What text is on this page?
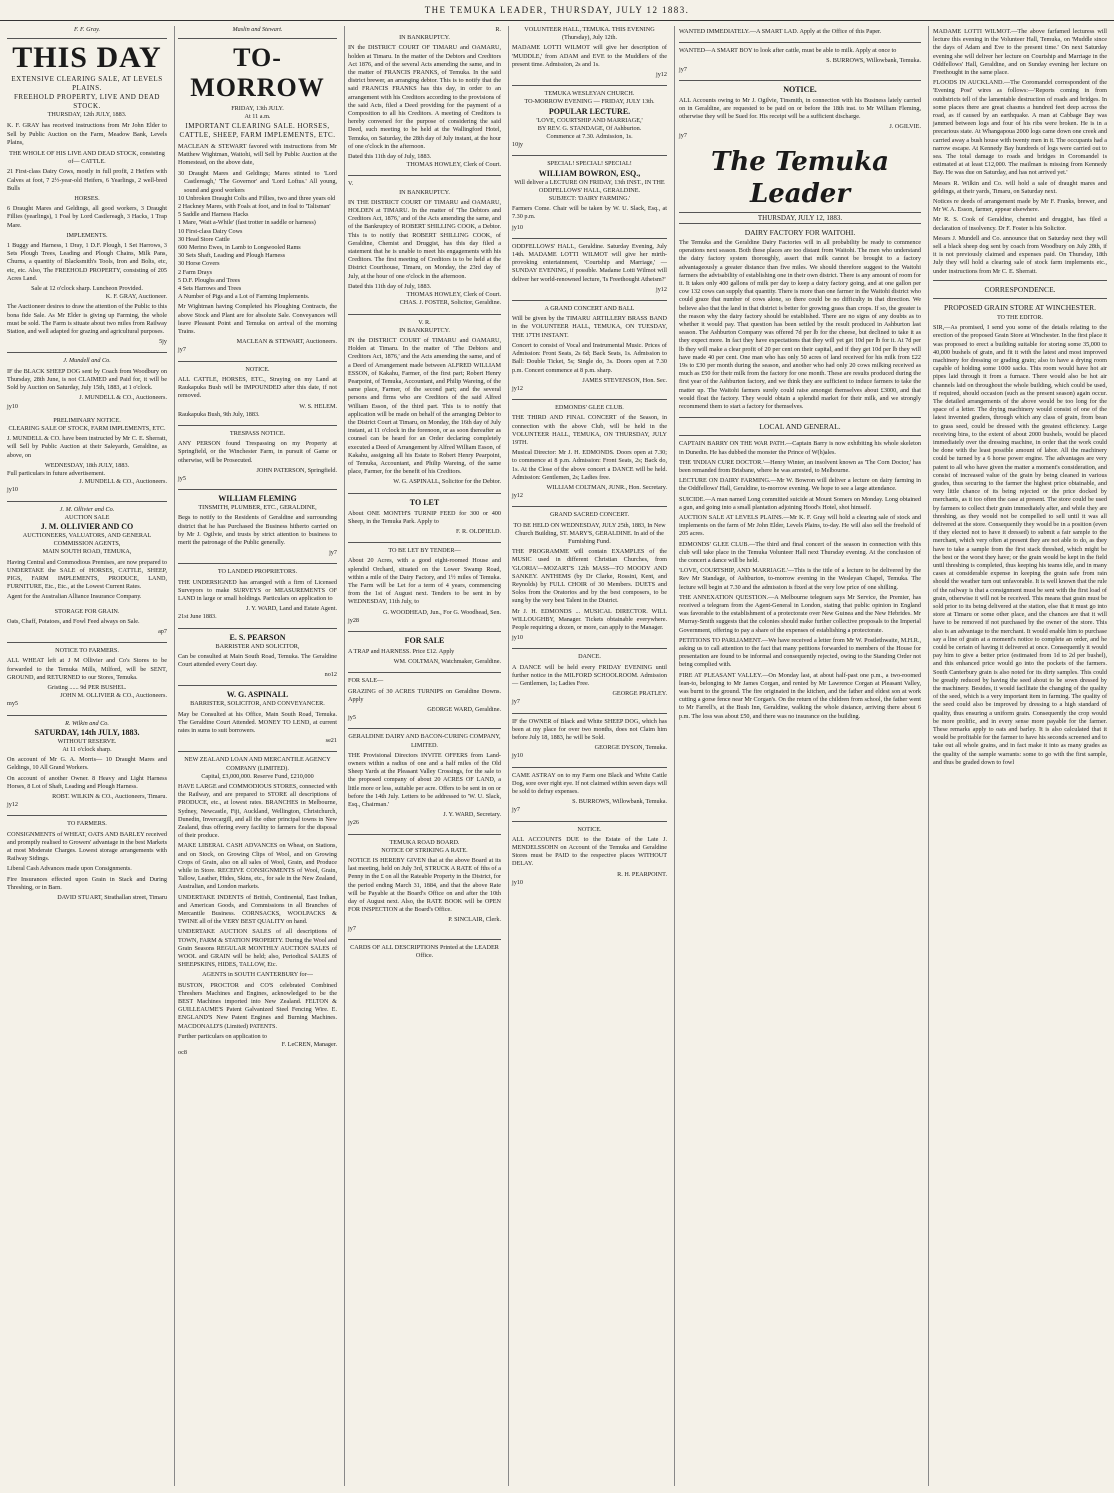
THE TEMUKA LEADER, THURSDAY, JULY 12 1883.
F. F. Gray.
THIS DAY
EXTENSIVE CLEARING SALE, AT LEVELS PLAINS.
FREEHOLD PROPERTY, LIVE AND DEAD STOCK.
THURSDAY, 12th JULY, 1883.

K. F. GRAY has received instructions from Mr John Elder to Sell by Public Auction on the Farm, Meadow Bank, Levels Plains,

THE WHOLE OF HIS LIVE AND DEAD STOCK, consisting of— CATTLE.

21 First-class Dairy Cows, mostly in full profit, 2 Heifers with Calves at foot, 7 2½-year-old Heifers, 6 Yearlings, 2 well-bred Bulls

HORSES.

6 Draught Mares and Geldings, all good workers, 3 Draught Fillies (yearlings), 1 Foal by Lord Castlereagh, 3 Hacks, 1 Trap Mare.

IMPLEMENTS.

1 Buggy and Harness, 1 Dray, 1 D.F. Plough, 1 Set Harrows, 3 Sets Plough Trees, Leading and Plough Chains, Milk Pans, Churns, a quantity of Blacksmith's Tools, Iron and Bolts, etc, etc, etc. Also, The FREEHOLD PROPERTY, consisting of 205 Acres Land.

Sale at 12 o'clock sharp. Luncheon Provided.
K. F. GRAY, Auctioneer.

The Auctioneer desires to draw the attention of the Public to this bona fide Sale. As Mr Elder is giving up Farming, the whole must be sold. The Farm is situate about two miles from Railway Station, and well adapted for grazing and agricultural purposes.

5jy
J. Mundell and Co.

IF the BLACK SHEEP DOG sent by Coach from Woodbury on Thursday, 28th June, is not CLAIMED and Paid for, it will be Sold by Auction on Saturday, July 15th, 1883, at 1 o'clock.

J. MUNDELL & CO., Auctioneers.
jy10
PRELIMINARY NOTICE.
CLEARING SALE OF STOCK, FARM IMPLEMENTS, ETC.

J. MUNDELL & CO. have been instructed by Mr C. E. Sherratt, will Sell by Public Auction at their Saleyards, Geraldine, as above, on

WEDNESDAY, 18th JULY, 1883.
Full particulars in future advertisement.
J. MUNDELL & CO., Auctioneers.
jy10
J. M. Ollivier and Co.
AUCTION SALE
J. M. OLLIVIER AND CO
AUCTIONEERS, VALUATORS, AND GENERAL COMMISSION AGENTS,
MAIN SOUTH ROAD, TEMUKA,

Having Central and Commodious Premises, are now prepared to UNDERTAKE the SALE of HORSES, CATTLE, SHEEP, PIGS, FARM IMPLEMENTS, PRODUCE, LAND, FURNITURE, Etc., Etc., at the Lowest Current Rates.

Agent for the Australian Alliance Insurance Company.

STORAGE FOR GRAIN.

Oats, Chaff, Potatoes, and Fowl Feed always on Sale.

ap7
NOTICE TO FARMERS.

ALL WHEAT left at J M Ollivier and Co's Stores to be forwarded to the Temuka Mills, Milford, will be SENT, GROUND, and RETURNED to our Stores, Temuka.

Gristing ...... 9d PER BUSHEL.
JOHN M. OLLIVIER & CO., Auctioneers.
my5
R. Wilkin and Co.
SATURDAY, 14th JULY, 1883.
WITHOUT RESERVE.
At 11 o'clock sharp.

On account of Mr G. A. Morris— 10 Draught Mares and Geldings, 10 All Grand Workers.

On account of another Owner. 8 Heavy and Light Harness Horses, 8 Lot of Shaft, Leading and Plough Harness.

ROBT. WILKIN & CO., Auctioneers, Timaru.
jy12
TO FARMERS.

CONSIGNMENTS of WHEAT, OATS AND BARLEY received and promptly realised to Growers' advantage in the best Markets at most Moderate Charges. Lowest storage arrangements with Railway Sidings.

Liberal Cash Advances made upon Consignments.

Fire Insurances effected upon Grain in Stack and During Threshing, or in Barn.

DAVID STUART, Strathallan street, Timaru
Maslin and Stewart.
TO-MORROW
FRIDAY, 13th JULY.
At 11 a.m.
IMPORTANT CLEARING SALE. HORSES, CATTLE, SHEEP, FARM IMPLEMENTS, ETC.

MACLEAN & STEWART favored with instructions from Mr Matthew Wightman, Waitohi, will Sell by Public Auction at the Homestead, on the above date,

30 Draught Mares and Geldings; Mares stinted to 'Lord Castlereagh,' 'The Governor' and 'Lord Loftus.' All young, sound and good workers
10 Unbroken Draught Colts and Fillies, two and three years old
2 Hackney Mares, with Foals at foot, and in foal to 'Talisman'
5 Saddle and Harness Hacks
1 Mare, 'Wait a-While' (fast trotter in saddle or harness)
10 First-class Dairy Cows
30 Head Store Cattle
600 Merino Ewes, in Lamb to Longwooled Rams
30 Sets Shaft, Leading and Plough Harness
30 Horse Covers
2 Farm Drays
5 D.F. Ploughs and Trees
4 Sets Harrows and Trees
A Number of Pigs and a Lot of Farming Implements.

Mr Wightman having Completed his Ploughing Contracts, the above Stock and Plant are for absolute Sale. Conveyances will leave Pleasant Point and Temuka on arrival of the morning Trains.

MACLEAN & STEWART, Auctioneers.
jy7
NOTICE.

ALL CATTLE, HORSES, ETC., Straying on my Land at Raukapuka Bush will be IMPOUNDED after this date, if not removed.

W. S. HELEM.
Raukapuka Bush, 9th July, 1883.
TRESPASS NOTICE.

ANY PERSON found Trespassing on my Property at Springfield, or the Winchester Farm, in pursuit of Game or otherwise, will be Prosecuted.

JOHN PATERSON, Springfield.
jy5
WILLIAM FLEMING
TINSMITH, PLUMBER, ETC., GERALDINE,

Begs to notify to the Residents of Geraldine and surrounding district that he has Purchased the Business hitherto carried on by Mr J. Ogilvie, and trusts by strict attention to business to merit the patronage of the Public generally.

jy7
TO LANDED PROPRIETORS.

THE UNDERSIGNED has arranged with a firm of Licensed Surveyors to make SURVEYS or MEASUREMENTS OF LAND in large or small holdings. Particulars on application to

J. Y. WARD, Land and Estate Agent.
21st June 1883.
E. S. PEARSON
BARRISTER AND SOLICITOR,

Can be consulted at Main South Road, Temuka. The Geraldine Court attended every Court day.

no12
W. G. ASPINALL
BARRISTER, SOLICITOR, AND CONVEYANCER.

May be Consulted at his Office, Main South Road, Temuka. The Geraldine Court Attended. MONEY TO LEND, at current rates in sums to suit borrowers.

se21
NEW ZEALAND LOAN AND MERCANTILE AGENCY COMPANY (LIMITED).
Capital, £3,000,000. Reserve Fund, £210,000

HAVE LARGE and COMMODIOUS STORES, connected with the Railway, and are prepared to STORE all descriptions of PRODUCE, etc., at lowest rates. BRANCHES in Melbourne, Sydney, Newcastle, Fiji, Auckland, Wellington, Christchurch, Dunedin, Invercargill, and all the other principal towns in New Zealand, thus offering every facility to farmers for the disposal of their produce.

MAKE LIBERAL CASH ADVANCES on Wheat, on Stations, and on Stock, on Growing Clips of Wool, and on Growing Crops of Grain, also on all sales of Wool, Grain, and Produce while in Store. RECEIVE CONSIGNMENTS of Wool, Grain, Tallow, Leather, Hides, Skins, etc., for sale in the New Zealand, Australian, and London markets.

UNDERTAKE INDENTS of British, Continental, East Indian, and American Goods, and Commissions in all Branches of Mercantile Business. CORNSACKS, WOOLPACKS & TWINE all of the VERY BEST QUALITY on hand.

UNDERTAKE AUCTION SALES of all descriptions of TOWN, FARM & STATION PROPERTY. During the Wool and Grain Seasons REGULAR MONTHLY AUCTION SALES of WOOL and GRAIN will be held; also, Periodical SALES of SHEEPSKINS, HIDES, TALLOW, Etc.

AGENTS in SOUTH CANTERBURY for—

BUSTON, PROCTOR and CO'S celebrated Combined Threshers Machines and Engines, acknowledged to be the BEST Machines imported into New Zealand. FELTON & GUILLEAUME'S Patent Galvanized Steel Fencing Wire. E. ENGLAND'S New Patent Engines and Burning Machines. MACDONALD'S (Limited) PATENTS.

Further particulars on application to
F. LeCREN, Manager.
oc8
R.
IN BANKRUPTCY.

IN the DISTRICT COURT OF TIMARU and OAMARU, holden at Timaru. In the matter of the Debtors and Creditors Act 1876, and of the several Acts amending the same, and in the matter of FRANCIS FRANKS, of Temuka. In the said district brewer, an arranging debtor. This is to notify that the said FRANCIS FRANKS has this day, in order to an arrangement with his Creditors according to the provisions of the said Acts, filed a Deed providing for the payment of a Composition to all his Creditors. A meeting of Creditors is hereby convened for the purpose of considering the said Deed, such meeting to be held at the Wallingford Hotel, Temuka, on Saturday, the 28th day of July instant, at the hour of one o'clock in the afternoon.

Dated this 11th day of July, 1883.
THOMAS HOWLEY, Clerk of Court.
V.
IN BANKRUPTCY.

IN THE DISTRICT COURT OF TIMARU and OAMARU, HOLDEN at TIMARU. In the matter of 'The Debtors and Creditors Act, 1876,' and of the Acts amending the same, and of the Bankruptcy of ROBERT SHILLING COOK, a Debtor. This is to notify that ROBERT SHILLING COOK, of Geraldine, Chemist and Druggist, has this day filed a statement that he is unable to meet his engagements with his Creditors. The first meeting of Creditors is to be held at the District Courthouse, Timaru, on Monday, the 23rd day of July, at the hour of one o'clock in the afternoon.

Dated this 11th day of July, 1883.
THOMAS HOWLEY, Clerk of Court.
CHAS. J. FOSTER, Solicitor, Geraldine.
V. R.
IN BANKRUPTCY.

IN the DISTRICT COURT of TIMARU and OAMARU, Holden at Timaru. In the matter of 'The Debtors and Creditors Act, 1876,' and the Acts amending the same, and of a Deed of Arrangement made between ALFRED WILLIAM ESSON, of Kakahu, Farmer, of the first part; Robert Henry Pearpoint, of Temuka, Accountant, and Philip Wareing, of the same place, Farmer, of the second part; and the several persons and firms who are Creditors of the said Alfred William Esson, of the third part. This is to notify that application will be made on behalf of the arranging Debtor to the District Court at Timaru, on Monday, the 16th day of July instant, at 11 o'clock in the forenoon, or as soon thereafter as counsel can be heard for an Order declaring completely executed a Deed of Arrangement by Alfred William Esson, of Kakahu, assigning all his Estate to Robert Henry Pearpoint, of Temuka, Accountant, and Philip Wareing, of the same place, Farmer, for the benefit of his Creditors.

W. G. ASPINALL, Solicitor for the Debtor.
TO LET

About ONE MONTH'S TURNIP FEED for 300 or 400 Sheep, in the Temuka Park. Apply to

F. R. OLDFIELD.
TO BE LET BY TENDER—

About 20 Acres, with a good eight-roomed House and splendid Orchard, situated on the Lower Swamp Road, within a mile of the Dairy Factory, and 1½ miles of Temuka. The Farm will be Let for a term of 4 years, commencing from the 1st of August next. Tenders to be sent in by WEDNESDAY, 11th July, to

G. WOODHEAD, Jun., For G. Woodhead, Sen.
jy28
FOR SALE

A TRAP and HARNESS. Price £12. Apply

WM. COLTMAN, Watchmaker, Geraldine.
FOR SALE—

GRAZING of 30 ACRES TURNIPS on Geraldine Downs. Apply

GEORGE WARD, Geraldine.
jy5
GERALDINE DAIRY AND BACON-CURING COMPANY, LIMITED.

THE Provisional Directors INVITE OFFERS from Land-owners within a radius of one and a half miles of the Old Sheep Yards at the Pleasant Valley Crossings, for the sale to the proposed company of about 20 ACRES OF LAND, a little more or less, suitable per acre. Offers to be sent in on or before the 14th July. Letters to be addressed to 'W. U. Slack, Esq., Chairman.'

J. Y. WARD, Secretary.
jy26
TEMUKA ROAD BOARD.
NOTICE OF STRIKING A RATE.

NOTICE IS HEREBY GIVEN that at the above Board at its last meeting, held on July 3rd, STRUCK A RATE of fths of a Penny in the £ on all the Rateable Property in the District, for the period ending March 31, 1884, and that the above Rate will be Payable at the Board's Office on and after the 10th day of August next. Also, the RATE BOOK will be OPEN FOR INSPECTION at the Board's Office.

P. SINCLAIR, Clerk.
jy7
CARDS OF ALL DESCRIPTIONS Printed at the LEADER Office.
VOLUNTEER HALL, TEMUKA. THIS EVENING (Thursday), July 12th.

MADAME LOTTI WILMOT will give her description of 'MUDDLE,' from ADAM and EVE to the Muddlers of the present time. Admission, 2s and 1s.

jy12
TEMUKA WESLEYAN CHURCH.
TO-MORROW EVENING — FRIDAY, JULY 13th.
POPULAR LECTURE.
'LOVE, COURTSHIP AND MARRIAGE,'
BY REV. G. STANDAGE, Of Ashburton.
Commence at 7.30. Admission, 1s.
10jy
SPECIAL! SPECIAL! SPECIAL!
WILLIAM BOWRON, ESQ.,
Will deliver a LECTURE ON FRIDAY, 13th INST., IN THE ODDFELLOWS' HALL, GERALDINE.
SUBJECT: 'DAIRY FARMING.'

Farmers Come. Chair will be taken by W. U. Slack, Esq., at 7.30 p.m.

jy10

ODDFELLOWS' HALL, Geraldine. Saturday Evening, July 14th. MADAME LOTTI WILMOT will give her mirth-provoking entertainment, 'Courtship and Marriage,' — SUNDAY EVENING, if possible. Madame Lotti Wilmot will deliver her world-renowned lecture, 'Is Freethought Atheism?'

jy12
A GRAND CONCERT AND BALL

Will be given by the TIMARU ARTILLERY BRASS BAND in the VOLUNTEER HALL, TEMUKA, ON TUESDAY, THE 17TH INSTANT.

Concert to consist of Vocal and Instrumental Music. Prices of Admission: Front Seats, 2s 6d; Back Seats, 1s. Admission to Ball: Double Ticket, 5s; Single do, 3s. Doors open at 7.30 p.m. Concert commence at 8 p.m. sharp.

JAMES STEVENSON, Hon. Sec.
jy12
EDMONDS' GLEE CLUB.

THE THIRD AND FINAL CONCERT of the Season, in connection with the above Club, will be held in the VOLUNTEER HALL, TEMUKA, ON THURSDAY, JULY 19TH.

Musical Director: Mr J. H. EDMONDS. Doors open at 7.30; to commence at 8 p.m. Admission: Front Seats, 2s; Back do, 1s. At the Close of the above concert a DANCE will be held. Admission: Gentlemen, 2s; Ladies free.

WILLIAM COLTMAN, JUNR., Hon. Secretary.
jy12
GRAND SACRED CONCERT.

TO BE HELD ON WEDNESDAY, JULY 25th, 1883, In New Church Building, ST. MARY'S, GERALDINE. In aid of the Furnishing Fund.

THE PROGRAMME will contain EXAMPLES of the MUSIC used in different Christian Churches, from 'GLORIA'—MOZART'S 12th MASS—TO MOODY AND SANKEY. ANTHEMS (by Dr Clarke, Rossini, Kent, and Reynolds) by FULL CHOIR of 30 Members. DUETS and Solos from the Oratorios and by the best composers, to be sung by the very best Talent in the District.

Mr J. H. EDMONDS ... MUSICAL DIRECTOR. WILL WILLOUGHBY, Manager. Tickets obtainable everywhere. People requiring a dozen, or more, can apply to the Manager.

jy10
DANCE.

A DANCE will be held every FRIDAY EVENING until further notice in the MILFORD SCHOOLROOM. Admission — Gentlemen, 1s; Ladies Free.

GEORGE PRATLEY.
jy7

IF the OWNER of Black and White SHEEP DOG, which has been at my place for over two months, does not Claim him before July 18, 1883, he will be Sold.

GEORGE DYSON, Temuka.
jy10

CAME ASTRAY on to my Farm one Black and White Cattle Dog, sore over right eye. If not claimed within seven days will be sold to defray expenses.

S. BURROWS, Willowbank, Temuka.
jy7
NOTICE.

ALL ACCOUNTS DUE to the Estate of the Late J. MENDELSSOHN on Account of the Temuka and Geraldine Stores must be PAID to the respective places WITHOUT DELAY.

R. H. PEARPOINT.
jy10

WANTED IMMEDIATELY.—A SMART LAD. Apply at the Office of this Paper.

WANTED—A SMART BOY to look after cattle, must be able to milk. Apply at once to

S. BURROWS, Willowbank, Temuka.
jy7
NOTICE.

ALL Accounts owing to Mr J. Ogilvie, Tinsmith, in connection with his Business lately carried on in Geraldine, are requested to be paid on or before the 18th inst. to Mr William Fleming, otherwise they will be Sued for. His receipt will be a sufficient discharge.

J. OGILVIE.
jy7
The Temuka Leader
THURSDAY, JULY 12, 1883.
DAIRY FACTORY FOR WAITOHI.

The Temuka and the Geraldine Dairy Factories will in all probability be ready to commence operations next season. Both these places are too distant from Waitohi. The men who understand the dairy factory system thoroughly, assert that milk cannot be brought to a factory advantageously a greater distance than five miles. We should therefore suggest to the Waitohi farmers the advisability of establishing one in their own district. There is any amount of room for it. It takes only 400 gallons of milk per day to keep a dairy factory going, and at one gallon per cow 132 cows can supply that quantity. There is more than one farmer in the Waitohi district who could graze that number of cows alone, so there could be no difficulty in that direction. We believe also that the land in that district is better for growing grass than crops. If so, the greater is the reason why the dairy factory should be established. There are no signs of any doubts as to whether it would pay. That question has been settled by the result produced in Ashburton last season. The Ashburton Company was offered 7d per lb for the cheese, but declined to take it as they expect more. In fact they have expectations that they will yet get 10d per lb for it. At 7d per lb they will make a clear profit of 20 per cent on their capital, and if they get 10d per lb they will have made 40 per cent. One man who has only 50 acres of land received for his milk from £22 19s to £30 per month during the season, and another who had only 20 cows milking received as much as £50 for their milk from the factory for one month. These are results produced during the first year of the Ashburton factory, and we think they are sufficient to induce farmers to take the matter up. The Waitohi farmers surely could raise amongst themselves about £3000, and that would float the factory. They would obtain a splendid market for their milk, and we strongly recommend them to start a factory for themselves.

LOCAL AND GENERAL.

CAPTAIN BARRY ON THE WAR PATH.—Captain Barry is now exhibiting his whole skeleton in Dunedin. He has dubbed the monster the Prince of W(h)ales.

THE 'INDIAN CURE DOCTOR.'—Henry Winter, an insolvent known as 'The Corn Doctor,' has been remanded from Brisbane, where he was arrested, to Melbourne.

LECTURE ON DAIRY FARMING.—Mr W. Bowron will deliver a lecture on dairy farming in the Oddfellows' Hall, Geraldine, to-morrow evening. We hope to see a large attendance.

SUICIDE.—A man named Long committed suicide at Mount Somers on Monday. Long obtained a gun, and going into a small plantation adjoining Hood's Hotel, shot himself.

AUCTION SALE AT LEVELS PLAINS.—Mr K. F. Gray will hold a clearing sale of stock and implements on the farm of Mr John Elder, Levels Plains, to-day. He will also sell the freehold of 205 acres.

EDMONDS' GLEE CLUB.—The third and final concert of the season in connection with this club will take place in the Temuka Volunteer Hall next Thursday evening. At the conclusion of the concert a dance will be held.

'LOVE, COURTSHIP, AND MARRIAGE.'—This is the title of a lecture to be delivered by the Rev Mr Standage, of Ashburton, to-morrow evening in the Wesleyan Chapel, Temuka. The lecture will begin at 7.30 and the admission is fixed at the very low price of one shilling.

THE ANNEXATION QUESTION.—A Melbourne telegram says Mr Service, the Premier, has received a telegram from the Agent-General in London, stating that public opinion in England was favorable to the establishment of a protectorate over New Guinea and the New Hebrides. Mr Murray-Smith suggests that the colonies should make further collective proposals to the Imperial Government, offering to pay a share of the expenses of establishing a protectorate.

PETITIONS TO PARLIAMENT.—We have received a letter from Mr W. Postlethwaite, M.H.R., asking us to call attention to the fact that many petitions forwarded to members of the House for presentation are found to be informal and consequently rejected, owing to the Standing Order not being complied with.

FIRE AT PLEASANT VALLEY.—On Monday last, at about half-past one p.m., a two-roomed lean-to, belonging to Mr James Corgan, and rented by Mr Lawrence Corgan at Pleasant Valley, was burnt to the ground. The fire originated in the kitchen, and the father and eldest son at work cutting a gorse fence near Mr Corgan's. On the return of the children from school, the father went to Mr Farrell's, at the Bush Inn, Geraldine, walking the whole distance, arriving there about 6 p.m. The loss was about £50, and there was no insurance on the building.

MADAME LOTTI WILMOT.—The above farfamed lecturess will lecture this evening in the Volunteer Hall, Temuka, on 'Muddle since the days of Adam and Eve to the present time.' On next Saturday evening she will deliver her lecture on Courtship and Marriage in the Oddfellows' Hall, Geraldine, and on Sunday evening her lecture on Freethought in the same place.

FLOODS IN AUCKLAND.—The Coromandel correspondent of the 'Evening Post' wires as follows:—'Reports coming in from outdistricts tell of the lamentable destruction of roads and bridges. In some places there are great chasms a hundred feet deep across the road, as if caused by an earthquake. A man at Cabbage Bay was jammed between logs and four of his ribs were broken. He is in a precarious state. At Whangapoua 2000 logs came down one creek and carried away a bush house with twenty men in it. The occupants had a narrow escape. At Kennedy Bay hundreds of logs were carried out to sea. The total damage to roads and bridges in Coromandel is estimated at at least £12,000. The mailman is missing from Kennedy Bay. He was due on Saturday, and has not arrived yet.'

Messrs R. Wilkin and Co. will hold a sale of draught mares and geldings, at their yards, Timaru, on Saturday next.

Notices re deeds of arrangement made by Mr F. Franks, brewer, and Mr W. A. Esson, farmer, appear elsewhere.

Mr R. S. Cook of Geraldine, chemist and druggist, has filed a declaration of insolvency. Dr F. Foster is his Solicitor.

Messrs J. Mundell and Co. announce that on Saturday next they will sell a black sheep dog sent by coach from Woodbury on July 28th, if it is not previously claimed and expenses paid. On Thursday, 18th July they will hold a clearing sale of stock farm implements etc., under instructions from Mr C. E. Sherratt.

CORRESPONDENCE.
PROPOSED GRAIN STORE AT WINCHESTER.
TO THE EDITOR.

SIR,—As promised, I send you some of the details relating to the erection of the proposed Grain Store at Winchester. In the first place it was proposed to erect a building suitable for storing some 35,000 to 40,000 bushels of grain, and fit it with the latest and most improved machinery for dressing or grading grain; also to have a drying room capable of holding some 1000 sacks. This room would have hot air pipes laid through it from a furnace. There would also be hot air channels laid on throughout the whole building, which could be used, if required, should occasion (such as the present season) again occur. The detailed arrangements of the above would be too long for the space of a letter. The drying machinery would consist of one of the latest invented graders, through which any class of grain, from bean to grass seed, could be dressed with the greatest efficiency. Large receiving bins, to the extent of about 2000 bushels, would be placed immediately over the dressing machine, in order that the work could be done with the least possible amount of labor. All the machinery could be turned by a 6 horse power engine. The advantages are very patent to all who have given the matter a moment's consideration, and consist of increased value of the grain by being cleaned in various grades, thus securing to the farmer the highest price obtainable, and very little chance of its being rejected or the price docked by merchants, as it too often the case at present. The store could be used by farmers to collect their grain immediately after, and while they are threshing, as they would not be compelled to sell until it was all delivered at the store. Consequently they would be in a position (even if they elected not to have it dressed) to submit a fair sample to the merchant, which very often at present they are not able to do, as they have to take a sample from the first stack threshed, which might be the best or the worst they have; or the grain would be kept in the field until threshing is completed, thus keeping his teams idle, and in many cases at considerable expense in keeping the grain safe from rain should the weather turn out unfavorable. It is well known that the rule of the railway is that a consignment must be sent with the first load of grain, otherwise it will not be received. This means that grain must be sold prior to its being delivered at the station, else that it must go into store at Timaru or some other place, and the chances are that it will have to be removed if not purchased by the owner of the store. This also is an advantage to the merchant. It would enable him to purchase say a line of grain at a moment's notice to complete an order, and he could be certain of having it delivered at once. Consequently it would pay him to give a better price (estimated from 1d to 2d per bushel), and this enhanced price would go into the pockets of the farmers. South Canterbury grain is also noted for its dirty samples. This could be greatly reduced by having the seed about to be sown dressed by the machinery. Besides, it would facilitate the changing of the quality of the seed, which is a very important item in farming. The quality of the seed could also be improved by dressing to a high standard of quality, thus ensuring a uniform grain. Consequently the crop would be more prolific, and in every sense more payable for the farmer. These remarks apply to oats and barley. It is also calculated that it would be profitable for the farmer to have his seconds screened and to take out all whole grains, and in fact make it into as many grades as the quality of the sample warrants: some to go with the first sample, and thus be graded down to fowl
